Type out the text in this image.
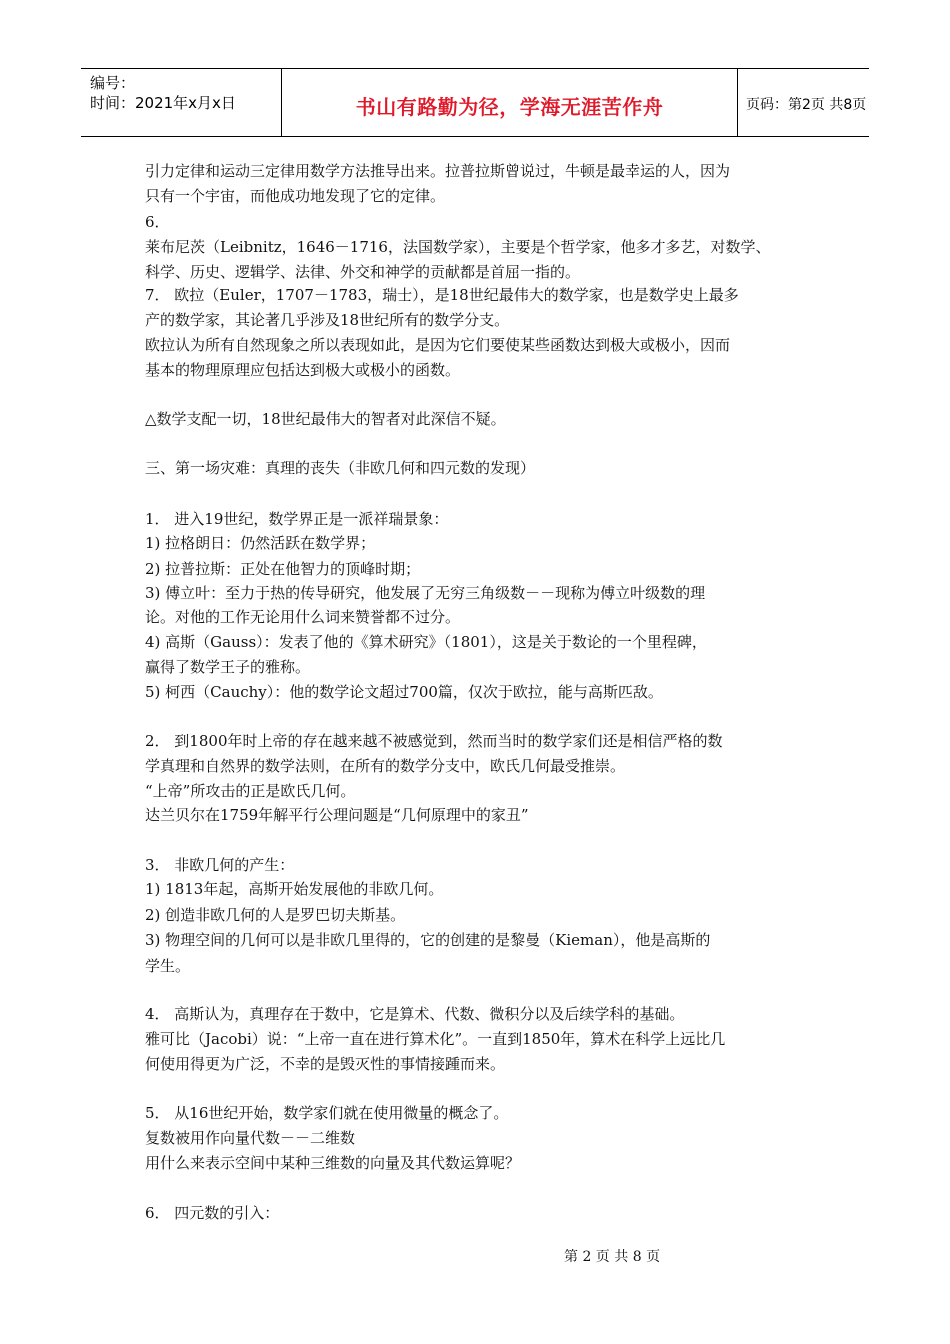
编号：
时间：2021年x月x日	书山有路勤为径，学海无涯苦作舟	页码：第2页 共8页
引力定律和运动三定律用数学方法推导出来。拉普拉斯曾说过，牛顿是最幸运的人，因为
只有一个宇宙，而他成功地发现了它的定律。
6．
莱布尼茨（Leibnitz，1646－1716，法国数学家），主要是个哲学家，他多才多艺，对数学、
科学、历史、逻辑学、法律、外交和神学的贡献都是首屈一指的。
7． 欧拉（Euler，1707－1783，瑞士），是18世纪最伟大的数学家，也是数学史上最多
产的数学家，其论著几乎涉及18世纪所有的数学分支。
欧拉认为所有自然现象之所以表现如此，是因为它们要使某些函数达到极大或极小，因而
基本的物理原理应包括达到极大或极小的函数。
△数学支配一切，18世纪最伟大的智者对此深信不疑。
三、第一场灾难：真理的丧失（非欧几何和四元数的发现）
1． 进入19世纪，数学界正是一派祥瑞景象：
1) 拉格朗日：仍然活跃在数学界；
2) 拉普拉斯：正处在他智力的顶峰时期；
3) 傅立叶：至力于热的传导研究，他发展了无穷三角级数－－现称为傅立叶级数的理
论。对他的工作无论用什么词来赞誉都不过分。
4) 高斯（Gauss）：发表了他的《算术研究》（1801），这是关于数论的一个里程碑，
赢得了数学王子的雅称。
5) 柯西（Cauchy）：他的数学论文超过700篇，仅次于欧拉，能与高斯匹敌。
2． 到1800年时上帝的存在越来越不被感觉到，然而当时的数学家们还是相信严格的数
学真理和自然界的数学法则，在所有的数学分支中，欧氏几何最受推崇。
“上帝”所攻击的正是欧氏几何。
达兰贝尔在1759年解平行公理问题是“几何原理中的家丑”
3． 非欧几何的产生：
1) 1813年起，高斯开始发展他的非欧几何。
2) 创造非欧几何的人是罗巴切夫斯基。
3) 物理空间的几何可以是非欧几里得的，它的创建的是黎曼（Kieman），他是高斯的
学生。
4． 高斯认为，真理存在于数中，它是算术、代数、微积分以及后续学科的基础。
雅可比（Jacobi）说：“上帝一直在进行算术化”。一直到1850年，算术在科学上远比几
何使用得更为广泛，不幸的是毁灭性的事情接踵而来。
5． 从16世纪开始，数学家们就在使用微量的概念了。
复数被用作向量代数－－二维数
用什么来表示空间中某种三维数的向量及其代数运算呢？
6． 四元数的引入：
第 2 页 共 8 页
